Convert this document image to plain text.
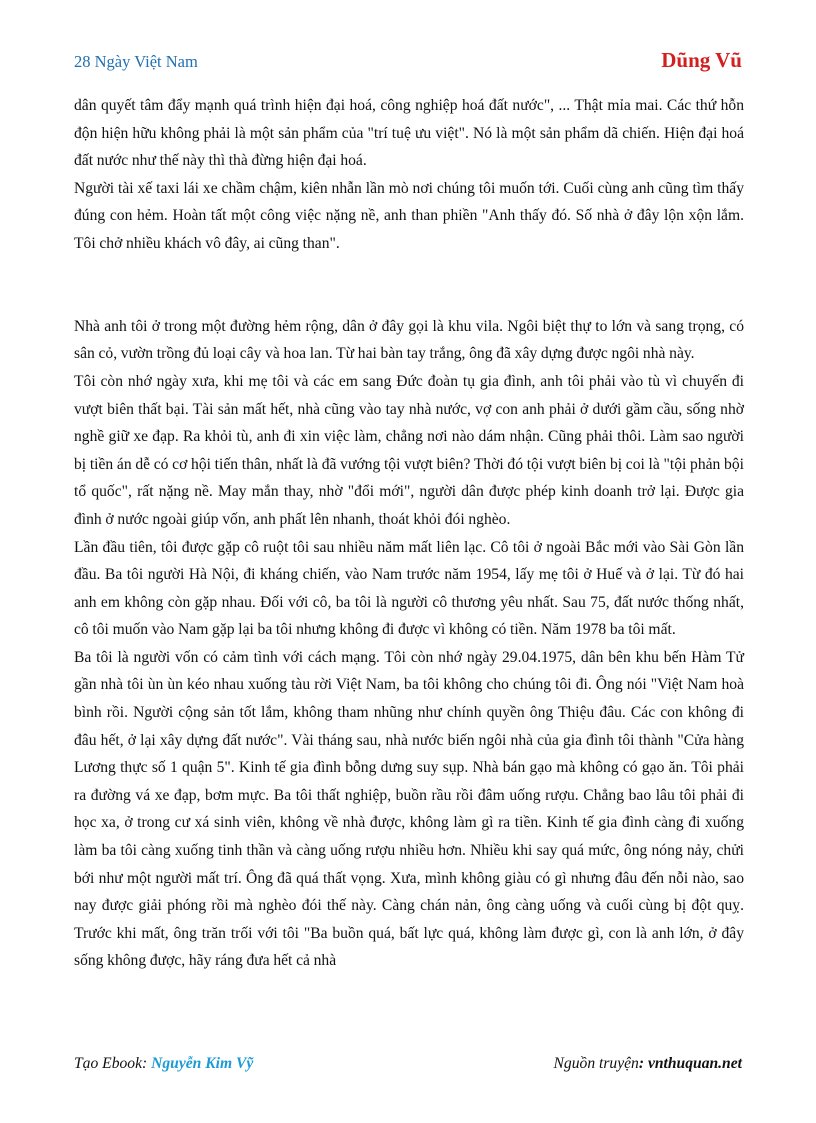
28 Ngày Việt Nam	Dũng Vũ

dân quyết tâm đẩy mạnh quá trình hiện đại hoá, công nghiệp hoá đất nước", ... Thật mỉa mai. Các thứ hỗn độn hiện hữu không phải là một sản phẩm của "trí tuệ ưu việt". Nó là một sản phẩm dã chiến. Hiện đại hoá đất nước như thế này thì thà đừng hiện đại hoá.

Người tài xế taxi lái xe chầm chậm, kiên nhẫn lần mò nơi chúng tôi muốn tới. Cuối cùng anh cũng tìm thấy đúng con hẻm. Hoàn tất một công việc nặng nề, anh than phiền "Anh thấy đó. Số nhà ở đây lộn xộn lắm. Tôi chở nhiều khách vô đây, ai cũng than".

Nhà anh tôi ở trong một đường hẻm rộng, dân ở đây gọi là khu vila. Ngôi biệt thự to lớn và sang trọng, có sân cỏ, vườn trồng đủ loại cây và hoa lan. Từ hai bàn tay trắng, ông đã xây dựng được ngôi nhà này.

Tôi còn nhớ ngày xưa, khi mẹ tôi và các em sang Đức đoàn tụ gia đình, anh tôi phải vào tù vì chuyến đi vượt biên thất bại. Tài sản mất hết, nhà cũng vào tay nhà nước, vợ con anh phải ở dưới gầm cầu, sống nhờ nghề giữ xe đạp. Ra khỏi tù, anh đi xin việc làm, chẳng nơi nào dám nhận. Cũng phải thôi. Làm sao người bị tiền án dễ có cơ hội tiến thân, nhất là đã vướng tội vượt biên? Thời đó tội vượt biên bị coi là "tội phản bội tổ quốc", rất nặng nề. May mắn thay, nhờ "đổi mới", người dân được phép kinh doanh trở lại. Được gia đình ở nước ngoài giúp vốn, anh phất lên nhanh, thoát khỏi đói nghèo.

Lần đầu tiên, tôi được gặp cô ruột tôi sau nhiều năm mất liên lạc. Cô tôi ở ngoài Bắc mới vào Sài Gòn lần đầu. Ba tôi người Hà Nội, đi kháng chiến, vào Nam trước năm 1954, lấy mẹ tôi ở Huế và ở lại. Từ đó hai anh em không còn gặp nhau. Đối với cô, ba tôi là người cô thương yêu nhất. Sau 75, đất nước thống nhất, cô tôi muốn vào Nam gặp lại ba tôi nhưng không đi được vì không có tiền. Năm 1978 ba tôi mất.

Ba tôi là người vốn có cảm tình với cách mạng. Tôi còn nhớ ngày 29.04.1975, dân bên khu bến Hàm Tử gần nhà tôi ùn ùn kéo nhau xuống tàu rời Việt Nam, ba tôi không cho chúng tôi đi. Ông nói "Việt Nam hoà bình rồi. Người cộng sản tốt lắm, không tham nhũng như chính quyền ông Thiệu đâu. Các con không đi đâu hết, ở lại xây dựng đất nước". Vài tháng sau, nhà nước biến ngôi nhà của gia đình tôi thành "Cửa hàng Lương thực số 1 quận 5". Kinh tế gia đình bỗng dưng suy sụp. Nhà bán gạo mà không có gạo ăn. Tôi phải ra đường vá xe đạp, bơm mực. Ba tôi thất nghiệp, buồn rầu rồi đâm uống rượu. Chẳng bao lâu tôi phải đi học xa, ở trong cư xá sinh viên, không về nhà được, không làm gì ra tiền. Kinh tế gia đình càng đi xuống làm ba tôi càng xuống tinh thần và càng uống rượu nhiều hơn. Nhiều khi say quá mức, ông nóng nảy, chửi bới như một người mất trí. Ông đã quá thất vọng. Xưa, mình không giàu có gì nhưng đâu đến nỗi nào, sao nay được giải phóng rồi mà nghèo đói thế này. Càng chán nản, ông càng uống và cuối cùng bị đột quỵ. Trước khi mất, ông trăn trối với tôi "Ba buồn quá, bất lực quá, không làm được gì, con là anh lớn, ở đây sống không được, hãy ráng đưa hết cả nhà

Tạo Ebook: Nguyễn Kim Vỹ	Nguồn truyện: vnthuquan.net
